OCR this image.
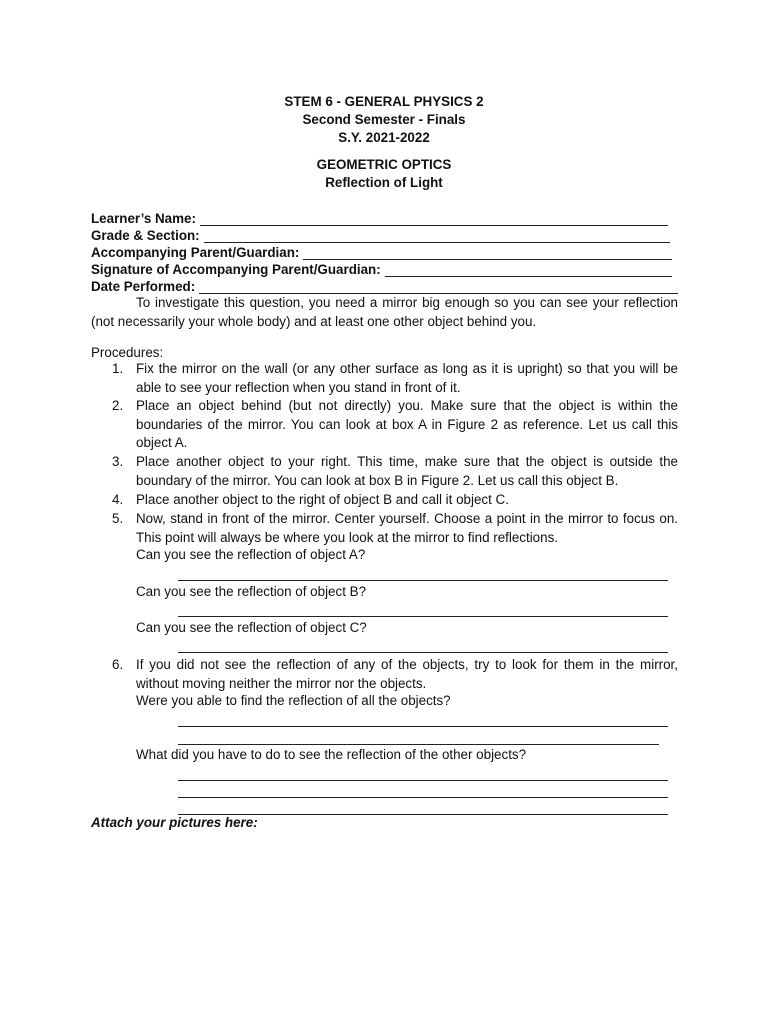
STEM 6 - GENERAL PHYSICS 2
Second Semester - Finals
S.Y. 2021-2022
GEOMETRIC OPTICS
Reflection of Light
Learner’s Name:
Grade & Section:
Accompanying Parent/Guardian:
Signature of Accompanying Parent/Guardian:
Date Performed:
To investigate this question, you need a mirror big enough so you can see your reflection (not necessarily your whole body) and at least one other object behind you.
Procedures:
1. Fix the mirror on the wall (or any other surface as long as it is upright) so that you will be able to see your reflection when you stand in front of it.
2. Place an object behind (but not directly) you. Make sure that the object is within the boundaries of the mirror. You can look at box A in Figure 2 as reference. Let us call this object A.
3. Place another object to your right. This time, make sure that the object is outside the boundary of the mirror. You can look at box B in Figure 2. Let us call this object B.
4. Place another object to the right of object B and call it object C.
5. Now, stand in front of the mirror. Center yourself. Choose a point in the mirror to focus on. This point will always be where you look at the mirror to find reflections.
Can you see the reflection of object A?
Can you see the reflection of object B?
Can you see the reflection of object C?
6. If you did not see the reflection of any of the objects, try to look for them in the mirror, without moving neither the mirror nor the objects.
Were you able to find the reflection of all the objects?
What did you have to do to see the reflection of the other objects?
Attach your pictures here:
